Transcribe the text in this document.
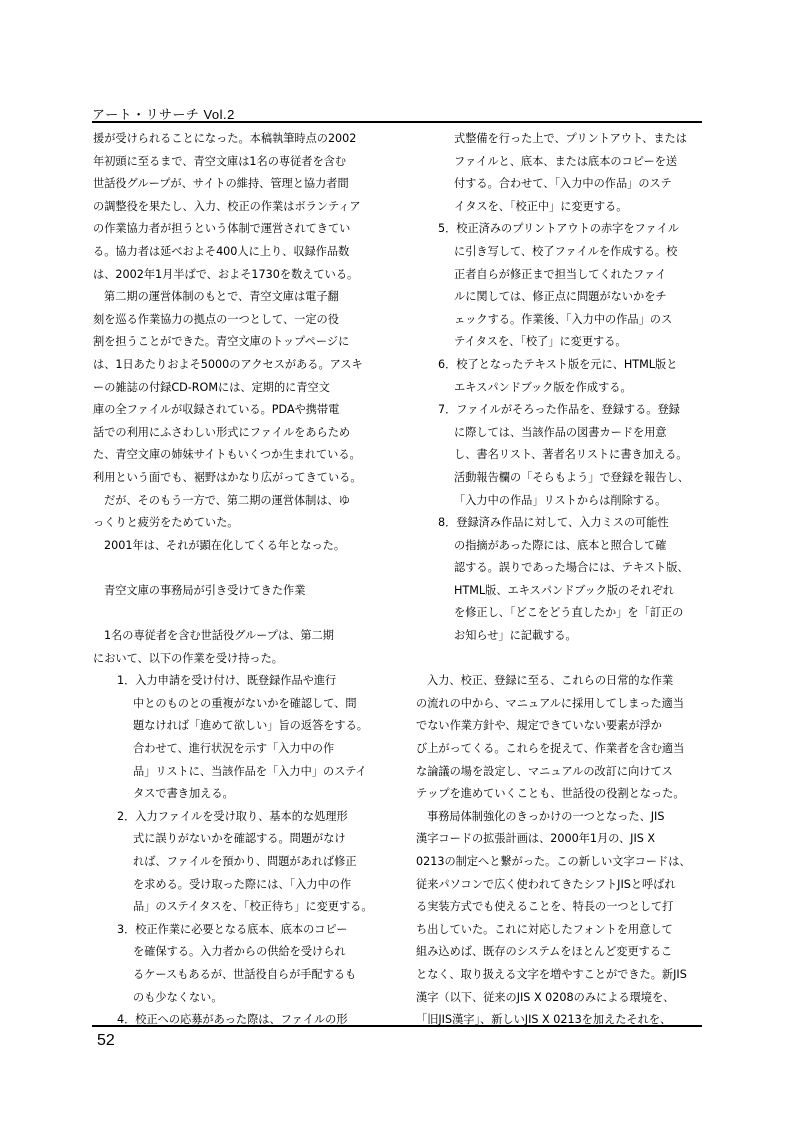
アート・リサーチ Vol.2
援が受けられることになった。本稿執筆時点の2002
年初頭に至るまで、青空文庫は1名の専従者を含む
世話役グループが、サイトの維持、管理と協力者間
の調整役を果たし、入力、校正の作業はボランティア
の作業協力者が担うという体制で運営されてきてい
る。協力者は延べおよそ400人に上り、収録作品数
は、2002年1月半ばで、およそ1730を数えている。
第二期の運営体制のもとで、青空文庫は電子翻
刻を巡る作業協力の拠点の一つとして、一定の役
割を担うことができた。青空文庫のトップページに
は、1日あたりおよそ5000のアクセスがある。アスキ
ーの雑誌の付録CD-ROMには、定期的に青空文
庫の全ファイルが収録されている。PDAや携帯電
話での利用にふさわしい形式にファイルをあらため
た、青空文庫の姉妹サイトもいくつか生まれている。
利用という面でも、裾野はかなり広がってきている。
だが、そのもう一方で、第二期の運営体制は、ゆ
っくりと疲労をためていた。
2001年は、それが顕在化してくる年となった。
青空文庫の事務局が引き受けてきた作業
1名の専従者を含む世話役グループは、第二期
において、以下の作業を受け持った。
1．入力申請を受け付け、既登録作品や進行
中とのものとの重複がないかを確認して、問
題なければ「進めて欲しい」旨の返答をする。
合わせて、進行状況を示す「入力中の作
品」リストに、当該作品を「入力中」のステイ
タスで書き加える。
2．入力ファイルを受け取り、基本的な処理形
式に誤りがないかを確認する。問題がなけ
れば、ファイルを預かり、問題があれば修正
を求める。受け取った際には、「入力中の作
品」のステイタスを、「校正待ち」に変更する。
3．校正作業に必要となる底本、底本のコピー
を確保する。入力者からの供給を受けられ
るケースもあるが、世話役自らが手配するも
のも少なくない。
4．校正への応募があった際は、ファイルの形
式整備を行った上で、プリントアウト、または
ファイルと、底本、または底本のコピーを送
付する。合わせて、「入力中の作品」のステ
イタスを、「校正中」に変更する。
5．校正済みのプリントアウトの赤字をファイル
に引き写して、校了ファイルを作成する。校
正者自らが修正まで担当してくれたファイ
ルに関しては、修正点に問題がないかをチ
ェックする。作業後、「入力中の作品」のス
テイタスを、「校了」に変更する。
6．校了となったテキスト版を元に、HTML版と
エキスパンドブック版を作成する。
7．ファイルがそろった作品を、登録する。登録
に際しては、当該作品の図書カードを用意
し、書名リスト、著者名リストに書き加える。
活動報告欄の「そらもよう」で登録を報告し、
「入力中の作品」リストからは削除する。
8．登録済み作品に対して、入力ミスの可能性
の指摘があった際には、底本と照合して確
認する。誤りであった場合には、テキスト版、
HTML版、エキスパンドブック版のそれぞれ
を修正し、「どこをどう直したか」を「訂正の
お知らせ」に記載する。
入力、校正、登録に至る、これらの日常的な作業
の流れの中から、マニュアルに採用してしまった適当
でない作業方針や、規定できていない要素が浮か
び上がってくる。これらを捉えて、作業者を含む適当
な論議の場を設定し、マニュアルの改訂に向けてス
テップを進めていくことも、世話役の役割となった。
事務局体制強化のきっかけの一つとなった、JIS
漢字コードの拡張計画は、2000年1月の、JIS X
0213の制定へと繋がった。この新しい文字コードは、
従来パソコンで広く使われてきたシフトJISと呼ばれ
る実装方式でも使えることを、特長の一つとして打
ち出していた。これに対応したフォントを用意して
組み込めば、既存のシステムをほとんど変更するこ
となく、取り扱える文字を増やすことができた。新JIS
漢字（以下、従来のJIS X 0208のみによる環境を、
「旧JIS漢字」、新しいJIS X 0213を加えたそれを、
52
